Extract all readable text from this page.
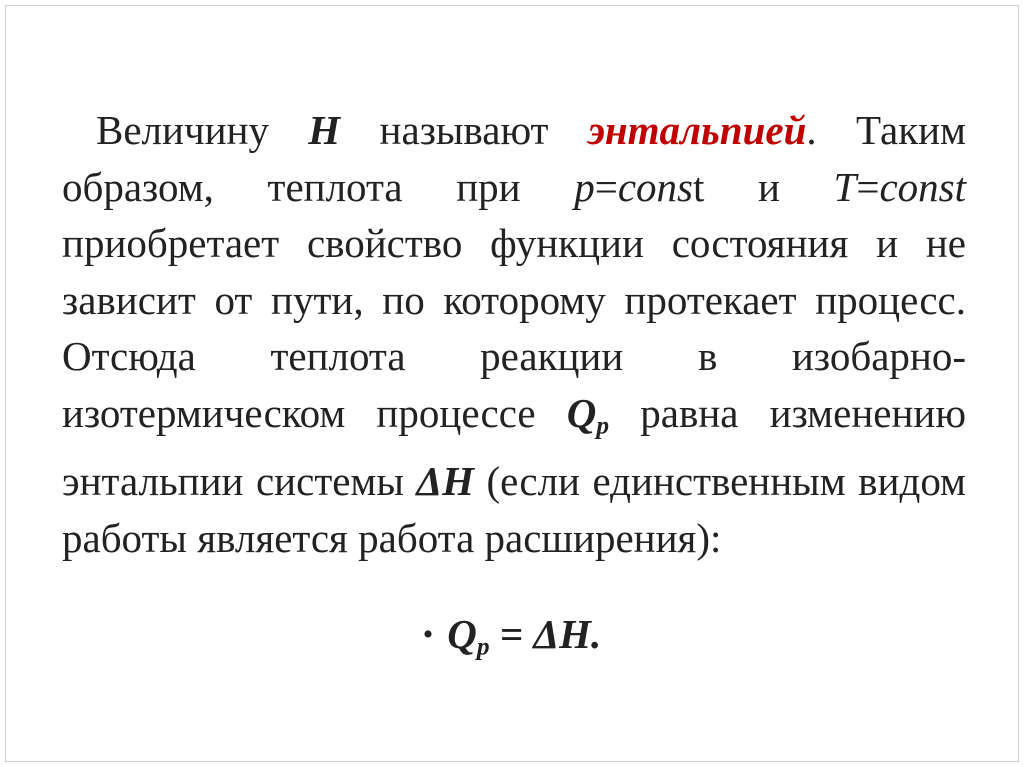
Величину H называют энтальпией. Таким образом, теплота при p=const и T=const приобретает свойство функции состояния и не зависит от пути, по которому протекает процесс. Отсюда теплота реакции в изобарно-изотермическом процессе $Q_p$ равна изменению энтальпии системы ΔH (если единственным видом работы является работа расширения):

• $Q_p = \Delta H$.
